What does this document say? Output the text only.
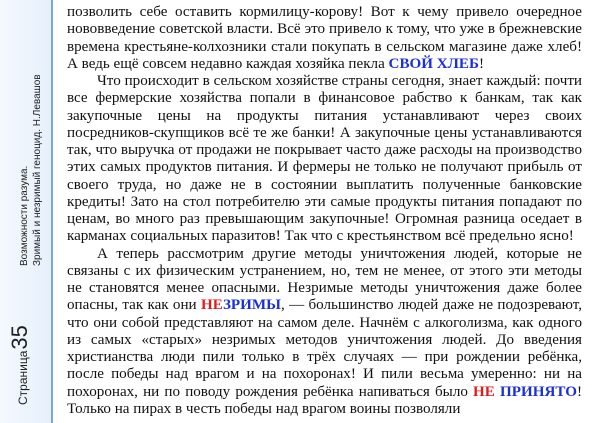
Страница35
Возможности разума. Зримый и незримый геноцид. Н.Левашов

позволить себе оставить кормилицу-корову! Вот к чему привело очередное нововведение советской власти. Всё это привело к тому, что уже в брежневские времена крестьяне-колхозники стали покупать в сельском магазине даже хлеб! А ведь ещё совсем недавно каждая хозяйка пекла СВОЙ ХЛЕБ!

Что происходит в сельском хозяйстве страны сегодня, знает каждый: почти все фермерские хозяйства попали в финансовое рабство к банкам, так как закупочные цены на продукты питания устанавливают через своих посредников-скупщиков всё те же банки! А закупочные цены устанавливаются так, что выручка от продажи не покрывает часто даже расходы на производство этих самых продуктов питания. И фермеры не только не получают прибыль от своего труда, но даже не в состоянии выплатить полученные банковские кредиты! Зато на стол потребителю эти самые продукты питания попадают по ценам, во много раз превышающим закупочные! Огромная разница оседает в карманах социальных паразитов! Так что с крестьянством всё предельно ясно!

А теперь рассмотрим другие методы уничтожения людей, которые не связаны с их физическим устранением, но, тем не менее, от этого эти методы не становятся менее опасными. Незримые методы уничтожения даже более опасны, так как они НЕЗРИМЫ, — большинство людей даже не подозревают, что они собой представляют на самом деле. Начнём с алкоголизма, как одного из самых «старых» незримых методов уничтожения людей. До введения христианства люди пили только в трёх случаях — при рождении ребёнка, после победы над врагом и на похоронах! И пили весьма умеренно: ни на похоронах, ни по поводу рождения ребёнка напиваться было НЕ ПРИНЯТО! Только на пирах в честь победы над врагом воины позволяли
